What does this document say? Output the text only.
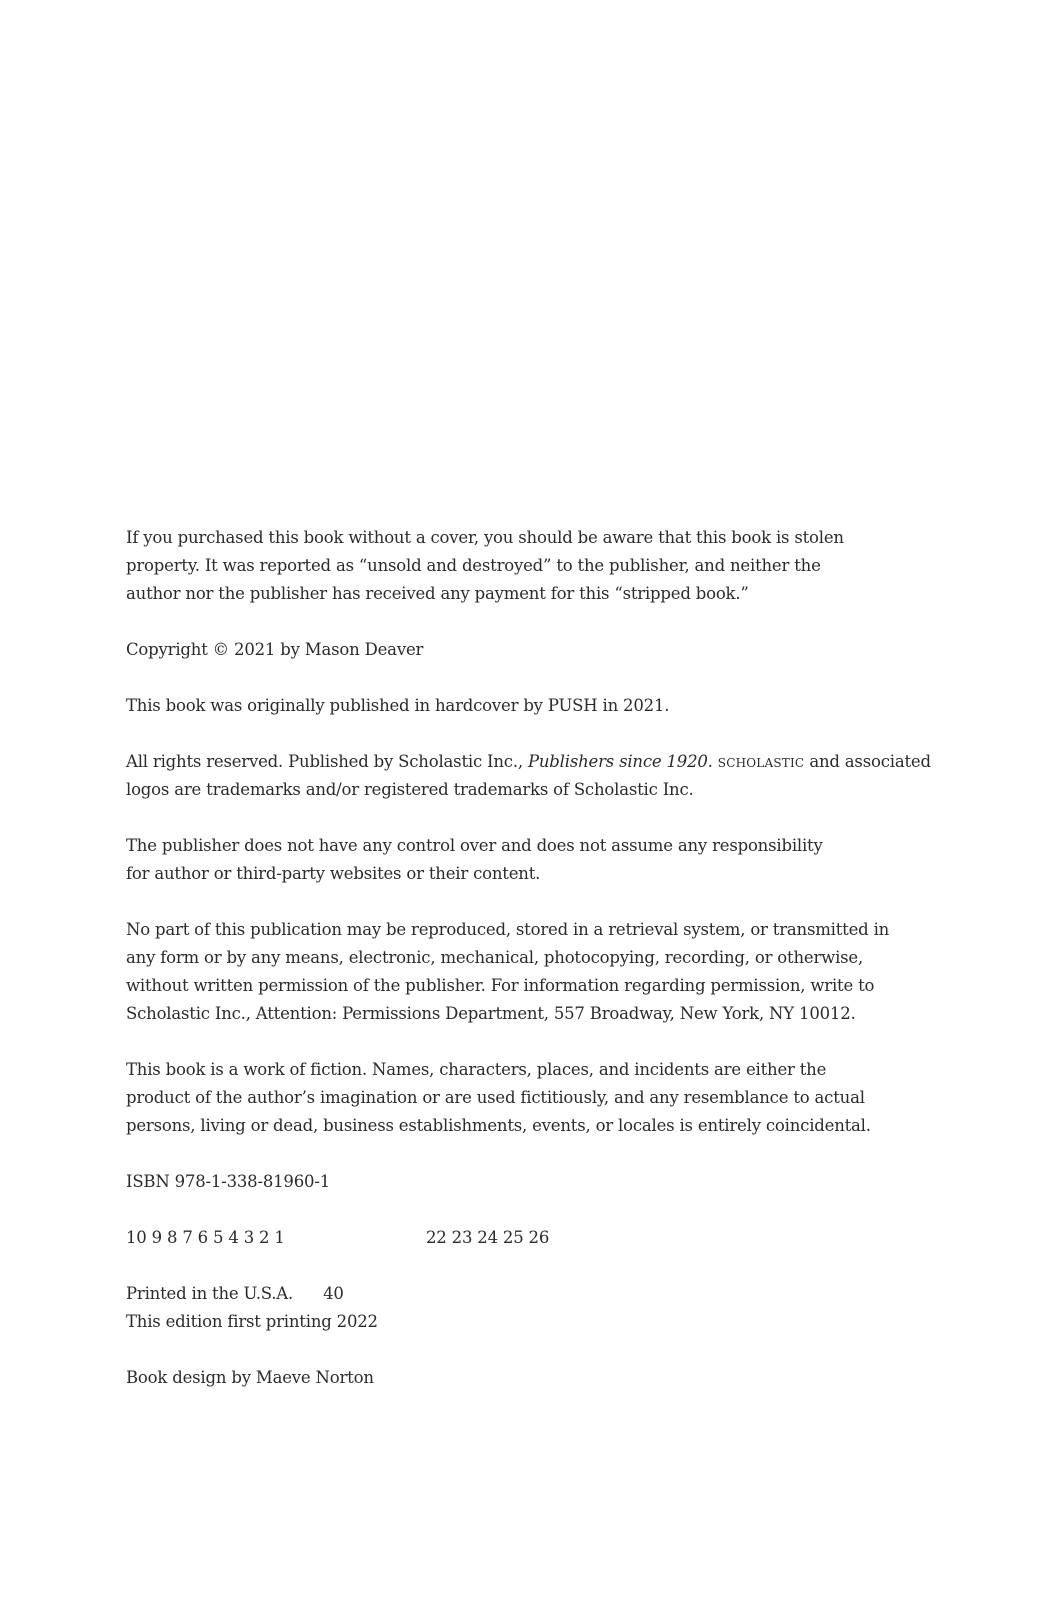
If you purchased this book without a cover, you should be aware that this book is stolen
property. It was reported as “unsold and destroyed” to the publisher, and neither the
author nor the publisher has received any payment for this “stripped book.”

Copyright © 2021 by Mason Deaver

This book was originally published in hardcover by PUSH in 2021.

All rights reserved. Published by Scholastic Inc., Publishers since 1920. scholastic and associated
logos are trademarks and/or registered trademarks of Scholastic Inc.

The publisher does not have any control over and does not assume any responsibility
for author or third-party websites or their content.

No part of this publication may be reproduced, stored in a retrieval system, or transmitted in
any form or by any means, electronic, mechanical, photocopying, recording, or otherwise,
without written permission of the publisher. For information regarding permission, write to
Scholastic Inc., Attention: Permissions Department, 557 Broadway, New York, NY 10012.

This book is a work of fiction. Names, characters, places, and incidents are either the
product of the author’s imagination or are used fictitiously, and any resemblance to actual
persons, living or dead, business establishments, events, or locales is entirely coincidental.

ISBN 978-1-338-81960-1

10 9 8 7 6 5 4 3 2 1	22 23 24 25 26

Printed in the U.S.A. 40
This edition first printing 2022

Book design by Maeve Norton
